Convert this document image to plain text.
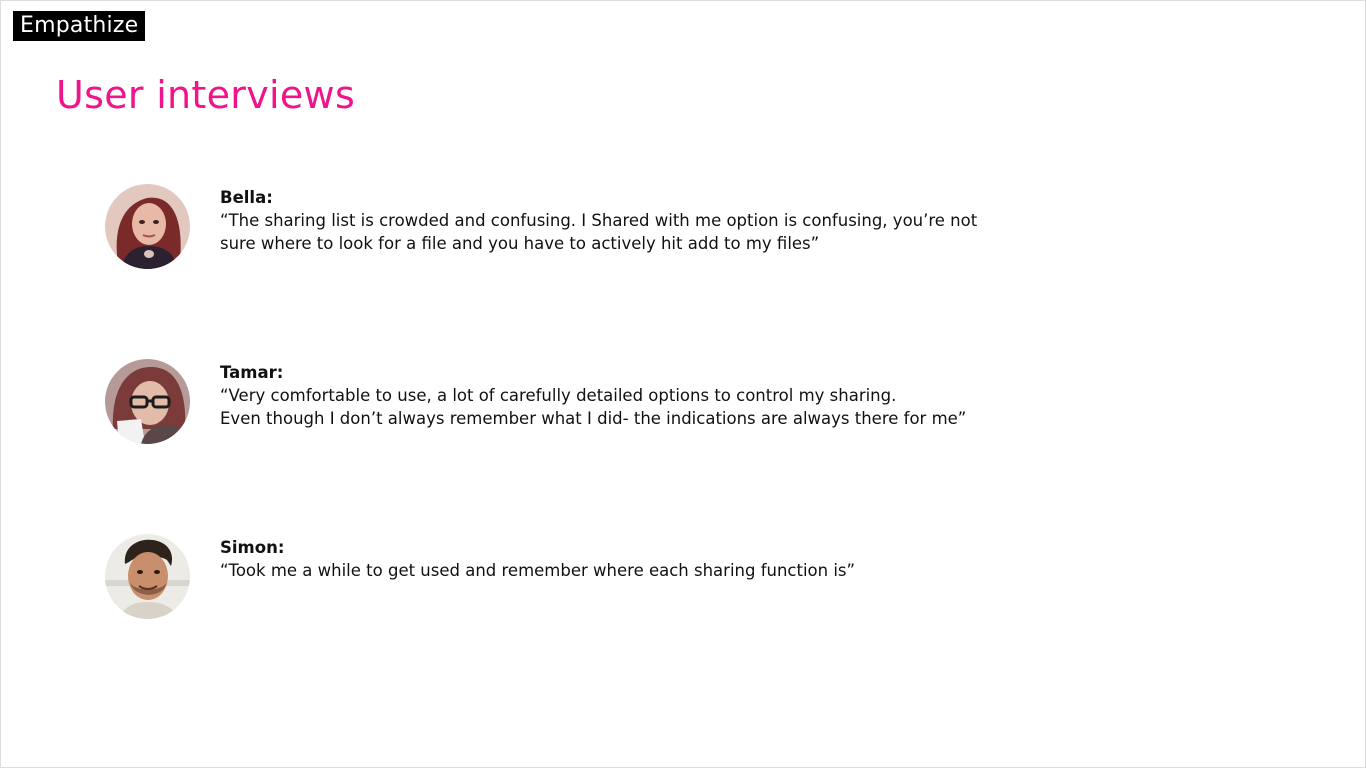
Empathize
User interviews
Bella:
“The sharing list is crowded and confusing. I Shared with me option is confusing, you’re not
sure where to look for a file and you have to actively hit add to my files”
Tamar:
“Very comfortable to use, a lot of carefully detailed options to control my sharing.
Even though I don’t always remember what I did- the indications are always there for me”
Simon:
“Took me a while to get used and remember where each sharing function is”
